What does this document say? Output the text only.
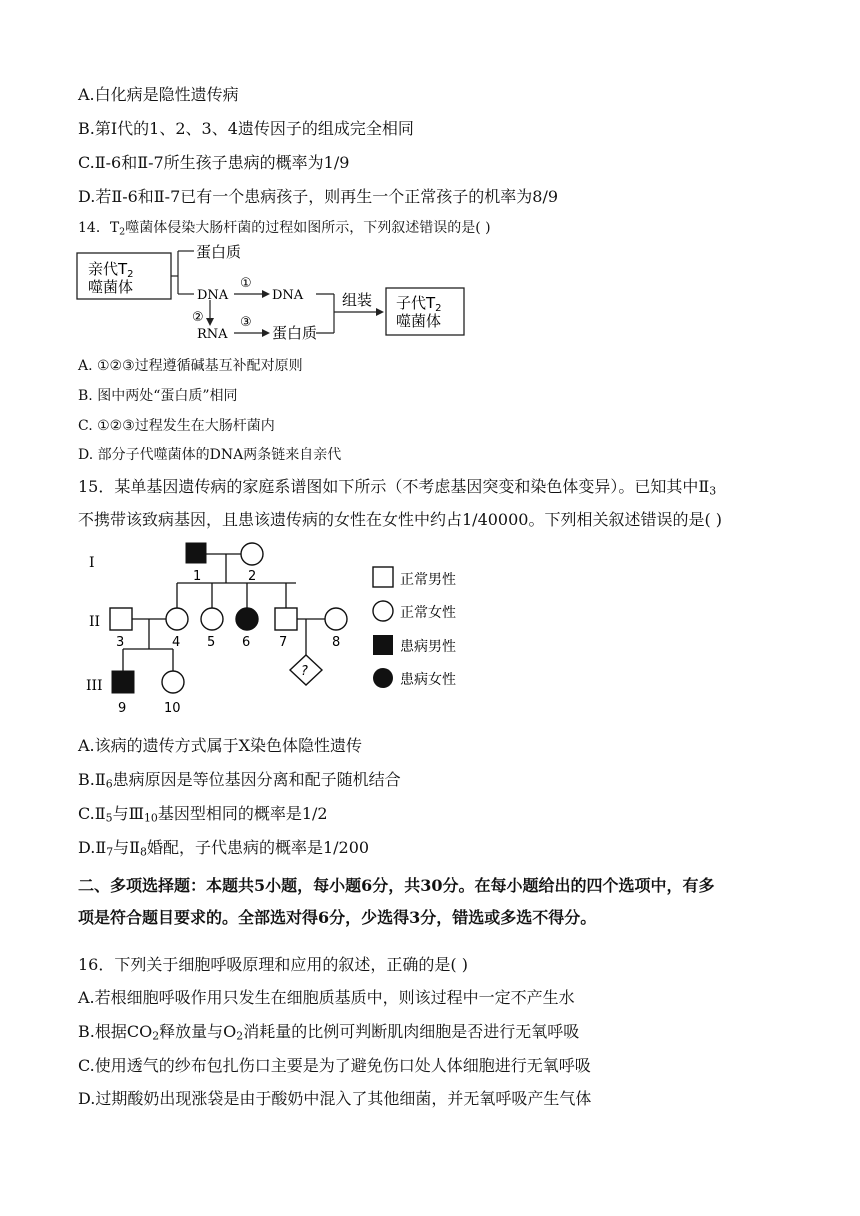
A.白化病是隐性遗传病
B.第Ⅰ代的1、2、3、4遗传因子的组成完全相同
C.Ⅱ-6和Ⅱ-7所生孩子患病的概率为1/9
D.若Ⅱ-6和Ⅱ-7已有一个患病孩子，则再生一个正常孩子的机率为8/9
14．$T_2$噬菌体侵染大肠杆菌的过程如图所示，下列叙述错误的是( )
亲代$T_2$
噬菌体
蛋白质
DNA
①
DNA
②
RNA
③
蛋白质
组装 子代$T_2$
噬菌体
A. ①②③过程遵循碱基互补配对原则
B. 图中两处“蛋白质”相同
C. ①②③过程发生在大肠杆菌内
D. 部分子代噬菌体的DNA两条链来自亲代
15．某单基因遗传病的家庭系谱图如下所示（不考虑基因突变和染色体变异）。已知其中$Ⅱ_3$
不携带该致病基因，且患该遗传病的女性在女性中约占1/40000。下列相关叙述错误的是( )
I
II
III
1	2
3	4 5 6 7	8
?
9	10
正常男性
正常女性
患病男性
患病女性
A.该病的遗传方式属于X染色体隐性遗传
$B.Ⅱ_6$患病原因是等位基因分离和配子随机结合
$C.Ⅱ_5$与$Ⅲ_{10}$基因型相同的概率是1/2
$D.Ⅱ_7$与$Ⅱ_8$婚配，子代患病的概率是1/200
二、多项选择题：本题共5小题，每小题6分，共30分。在每小题给出的四个选项中，有多
项是符合题目要求的。全部选对得6分，少选得3分，错选或多选不得分。
16．下列关于细胞呼吸原理和应用的叙述，正确的是( )
A.若根细胞呼吸作用只发生在细胞质基质中，则该过程中一定不产生水
B.根据$CO_2$释放量与$O_2$消耗量的比例可判断肌肉细胞是否进行无氧呼吸
C.使用透气的纱布包扎伤口主要是为了避免伤口处人体细胞进行无氧呼吸
D.过期酸奶出现涨袋是由于酸奶中混入了其他细菌，并无氧呼吸产生气体
